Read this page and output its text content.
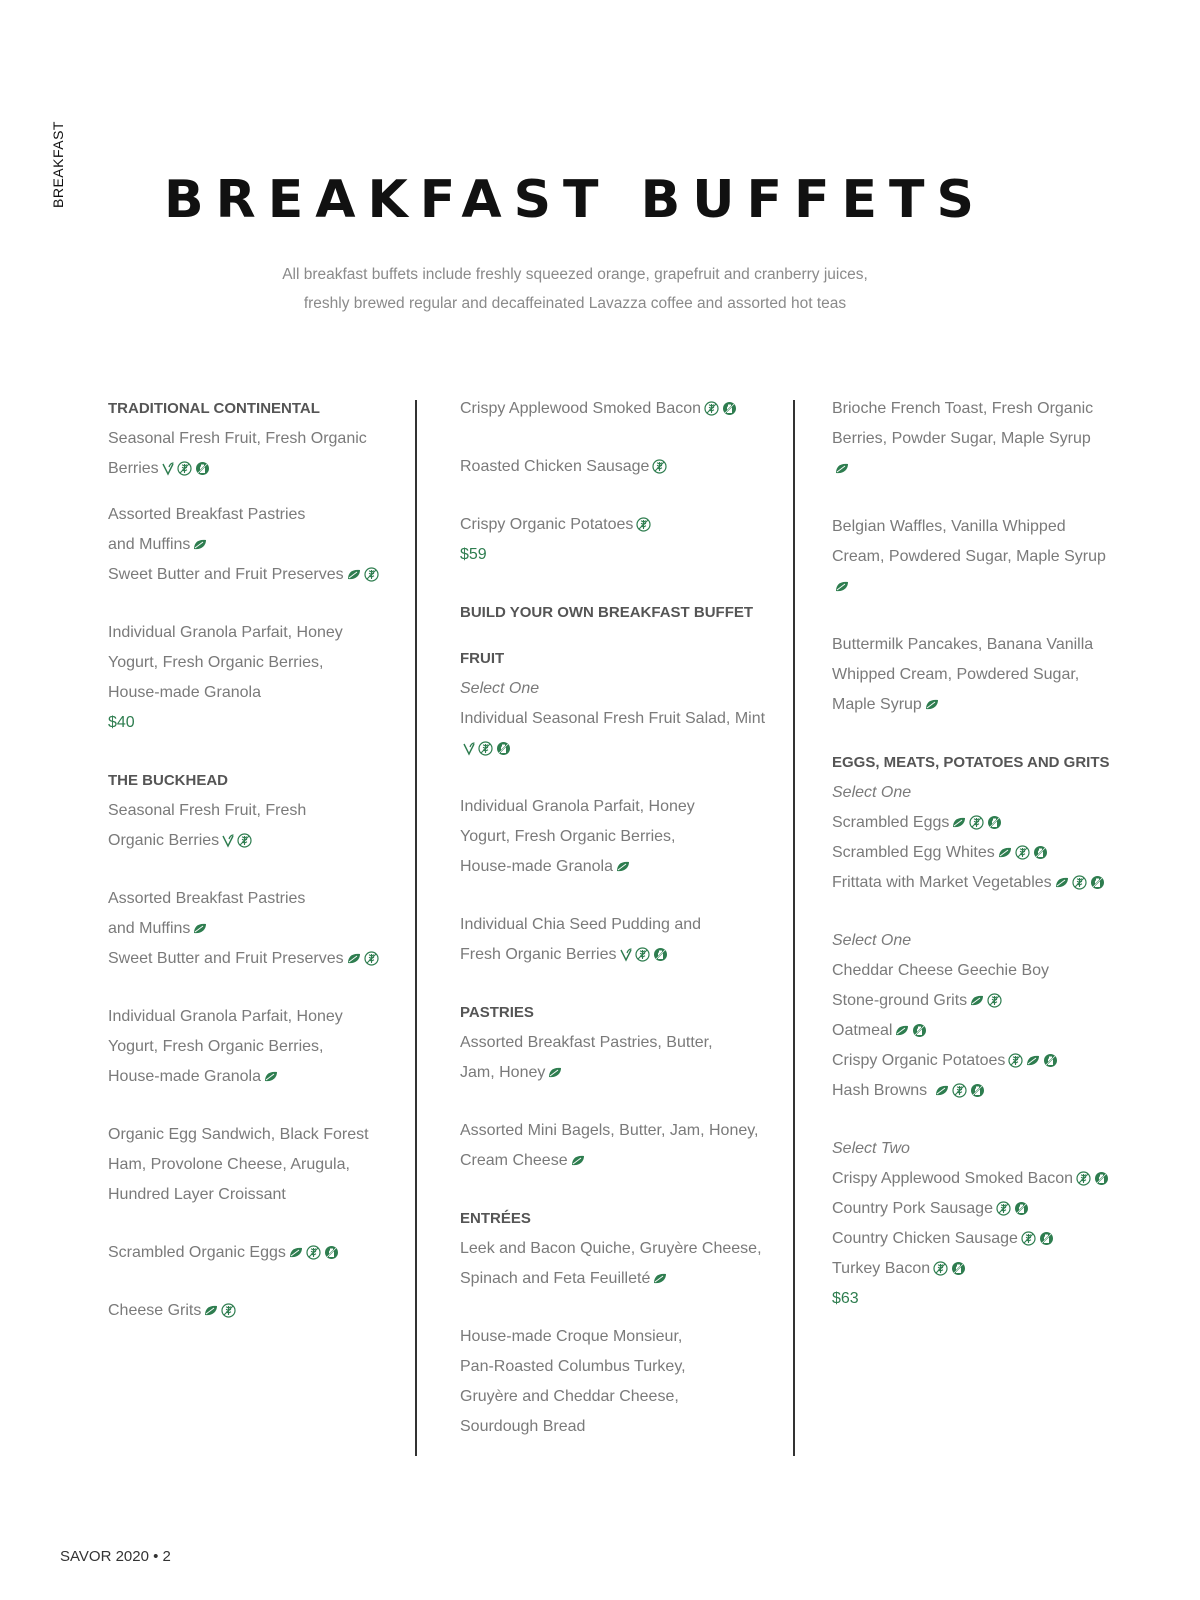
BREAKFAST	BREAKFAST BUFFETS
All breakfast buffets include freshly squeezed orange, grapefruit and cranberry juices,
freshly brewed regular and decaffeinated Lavazza coffee and assorted hot teas
TRADITIONAL CONTINENTAL
Seasonal Fresh Fruit, Fresh Organic
Berries
Assorted Breakfast Pastries
and Muffins
Sweet Butter and Fruit Preserves
Individual Granola Parfait, Honey
Yogurt, Fresh Organic Berries,
House-made Granola
$40
THE BUCKHEAD
Seasonal Fresh Fruit, Fresh
Organic Berries
Assorted Breakfast Pastries
and Muffins
Sweet Butter and Fruit Preserves
Individual Granola Parfait, Honey
Yogurt, Fresh Organic Berries,
House-made Granola
Organic Egg Sandwich, Black Forest
Ham, Provolone Cheese, Arugula,
Hundred Layer Croissant
Scrambled Organic Eggs
Cheese Grits
Crispy Applewood Smoked Bacon
Roasted Chicken Sausage
Crispy Organic Potatoes
$59
BUILD YOUR OWN BREAKFAST BUFFET
FRUIT
Select One
Individual Seasonal Fresh Fruit Salad, Mint
Individual Granola Parfait, Honey
Yogurt, Fresh Organic Berries,
House-made Granola
Individual Chia Seed Pudding and
Fresh Organic Berries
PASTRIES
Assorted Breakfast Pastries, Butter,
Jam, Honey
Assorted Mini Bagels, Butter, Jam, Honey,
Cream Cheese
ENTRÉES
Leek and Bacon Quiche, Gruyère Cheese,
Spinach and Feta Feuilleté
House-made Croque Monsieur,
Pan-Roasted Columbus Turkey,
Gruyère and Cheddar Cheese,
Sourdough Bread
Brioche French Toast, Fresh Organic
Berries, Powder Sugar, Maple Syrup
Belgian Waffles, Vanilla Whipped
Cream, Powdered Sugar, Maple Syrup
Buttermilk Pancakes, Banana Vanilla
Whipped Cream, Powdered Sugar,
Maple Syrup
EGGS, MEATS, POTATOES AND GRITS
Select One
Scrambled Eggs
Scrambled Egg Whites
Frittata with Market Vegetables
Select One
Cheddar Cheese Geechie Boy
Stone-ground Grits
Oatmeal
Crispy Organic Potatoes
Hash Browns
Select Two
Crispy Applewood Smoked Bacon
Country Pork Sausage
Country Chicken Sausage
Turkey Bacon
$63
SAVOR 2020 • 2
